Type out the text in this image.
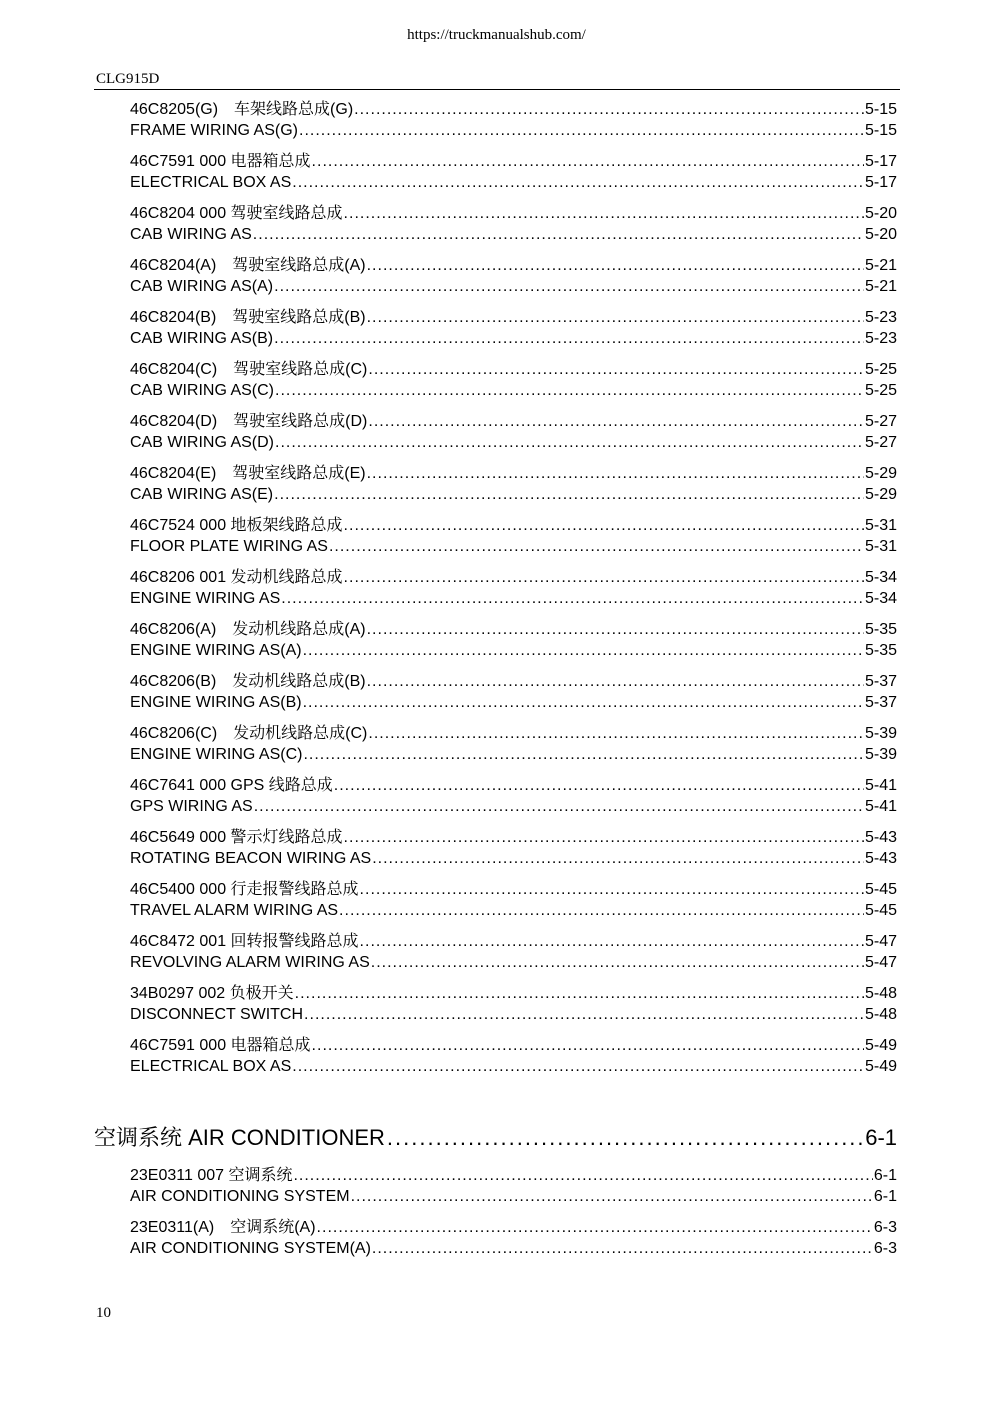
https://truckmanualshub.com/
CLG915D
46C8205(G)　车架线路总成(G) .....	5-15
FRAME WIRING AS(G) .....	5-15
46C7591 000 电器箱总成 .....	5-17
ELECTRICAL BOX AS .....	5-17
46C8204 000 驾驶室线路总成 .....	5-20
CAB WIRING AS .....	5-20
46C8204(A)　驾驶室线路总成(A) .....	5-21
CAB WIRING AS(A) .....	5-21
46C8204(B)　驾驶室线路总成(B) .....	5-23
CAB WIRING AS(B) .....	5-23
46C8204(C)　驾驶室线路总成(C) .....	5-25
CAB WIRING AS(C) .....	5-25
46C8204(D)　驾驶室线路总成(D) .....	5-27
CAB WIRING AS(D) .....	5-27
46C8204(E)　驾驶室线路总成(E) .....	5-29
CAB WIRING AS(E) .....	5-29
46C7524 000 地板架线路总成 .....	5-31
FLOOR PLATE WIRING AS .....	5-31
46C8206 001 发动机线路总成 .....	5-34
ENGINE WIRING AS .....	5-34
46C8206(A)　发动机线路总成(A) .....	5-35
ENGINE WIRING AS(A) .....	5-35
46C8206(B)　发动机线路总成(B) .....	5-37
ENGINE WIRING AS(B) .....	5-37
46C8206(C)　发动机线路总成(C) .....	5-39
ENGINE WIRING AS(C) .....	5-39
46C7641 000 GPS 线路总成 .....	5-41
GPS WIRING AS .....	5-41
46C5649 000 警示灯线路总成 .....	5-43
ROTATING BEACON WIRING AS .....	5-43
46C5400 000 行走报警线路总成 .....	5-45
TRAVEL ALARM WIRING AS .....	5-45
46C8472 001 回转报警线路总成 .....	5-47
REVOLVING ALARM WIRING AS .....	5-47
34B0297 002 负极开关 .....	5-48
DISCONNECT SWITCH .....	5-48
46C7591 000 电器箱总成 .....	5-49
ELECTRICAL BOX AS .....	5-49
空调系统 AIR CONDITIONER .....	6-1
23E0311 007 空调系统 .....	6-1
AIR CONDITIONING SYSTEM .....	6-1
23E0311(A)　空调系统(A) .....	6-3
AIR CONDITIONING SYSTEM(A) .....	6-3
10
